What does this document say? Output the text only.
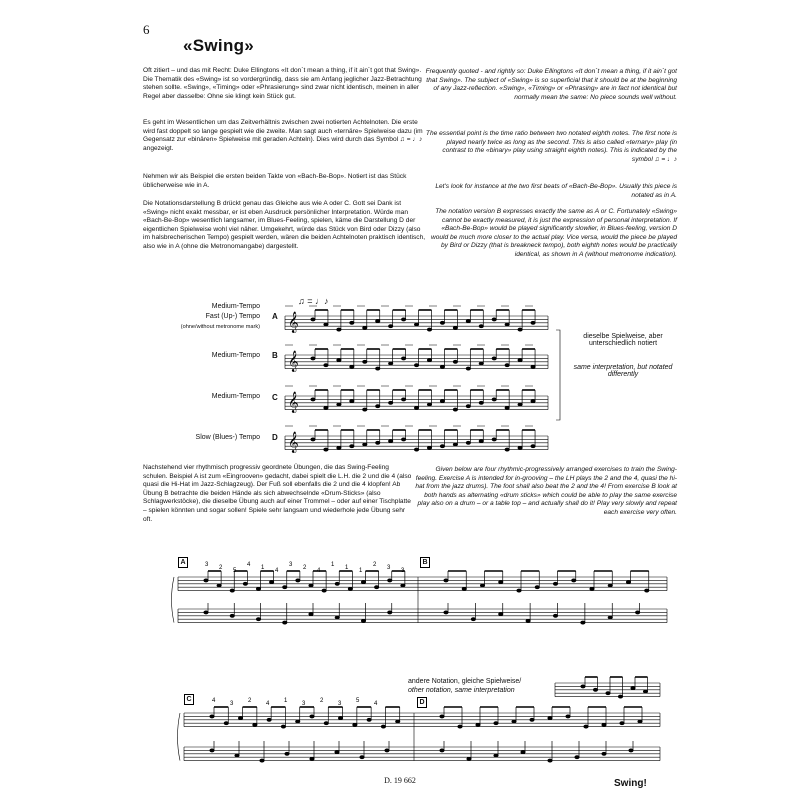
6
«Swing»
Oft zitiert – und das mit Recht: Duke Ellingtons «It don´t mean a thing, if it ain´t got that Swing». Die Thematik des «Swing» ist so vordergründig, dass sie am Anfang jeglicher Jazz-Betrachtung stehen sollte. «Swing», «Timing» oder «Phrasierung» sind zwar nicht identisch, meinen in aller Regel aber dasselbe: Ohne sie klingt kein Stück gut.
Es geht im Wesentlichen um das Zeitverhältnis zwischen zwei notierten Achtelnoten. Die erste wird fast doppelt so lange gespielt wie die zweite. Man sagt auch «ternäre» Spielweise dazu (im Gegensatz zur «binären» Spielweise mit geraden Achteln). Dies wird durch das Symbol ♫ = ♩♪ angezeigt.
Nehmen wir als Beispiel die ersten beiden Takte von «Bach-Be-Bop». Notiert ist das Stück üblicherweise wie in A.
Die Notationsdarstellung B drückt genau das Gleiche aus wie A oder C. Gott sei Dank ist «Swing» nicht exakt messbar, er ist eben Ausdruck persönlicher Interpretation. Würde man «Bach-Be-Bop» wesentlich langsamer, im Blues-Feeling, spielen, käme die Darstellung D der eigentlichen Spielweise wohl viel näher. Umgekehrt, würde das Stück von Bird oder Dizzy (also im halsbrecherischen Tempo) gespielt werden, wären die beiden Achtelnoten praktisch identisch, also wie in A (ohne die Metronomangabe) dargestellt.
Nachstehend vier rhythmisch progressiv geordnete Übungen, die das Swing-Feeling schulen. Beispiel A ist zum «Eingrooven» gedacht, dabei spielt die L.H. die 2 und die 4 (also quasi die Hi-Hat im Jazz-Schlagzeug). Der Fuß soll ebenfalls die 2 und die 4 klopfen! Ab Übung B betrachte die beiden Hände als sich abwechselnde «Drum-Sticks» (also Schlagwerkstöcke), die dieselbe Übung auch auf einer Trommel – oder auf einer Tischplatte – spielen könnten und sogar sollen! Spiele sehr langsam und wiederhole jede Übung sehr oft.
Frequently quoted - and rightly so: Duke Ellingtons «It don´t mean a thing, if it ain´t got that Swing». The subject of «Swing» is so superficial that it should be at the beginning of any Jazz-reflection. «Swing», «Timing» or «Phrasing» are in fact not identical but normally mean the same: No piece sounds well without.
The essential point is the time ratio between two notated eighth notes. The first note is played nearly twice as long as the second. This is also called «ternary» play (in contrast to the «binary» play using straight eighth notes). This is indicated by the symbol ♫ = ♩♪
Let's look for instance at the two first beats of «Bach-Be-Bop». Usually this piece is notated as in A.
The notation version B expresses exactly the same as A or C. Fortunately «Swing» cannot be exactly measured, it is just the expression of personal interpretation. If «Bach-Be-Bop» would be played significantly slowlier, in Blues-feeling, version D would be much more closer to the actual play. Vice versa, would the piece be played by Bird or Dizzy (that is breakneck tempo), both eighth notes would be practically identical, as shown in A (without metronome indication).
Given below are four rhythmic-progressively arranged exercises to train the Swing-feeling. Exercise A is intended for in-grooving – the LH plays the 2 and the 4, quasi the hi-hat from the jazz drums). The foot shall also beat the 2 and the 4! From exercise B look at both hands as alternating «drum sticks» which could be able to play the same exercise play also on a drum – or a table top – and actually shall do it! Play very slowly and repeat each exercise very often.
♫ = ♩♪
Medium-Tempo
Fast (Up-) Tempo
(ohne/without metronome mark)
Medium-Tempo
Medium-Tempo
Slow (Blues-) Tempo
A
B
C
D
dieselbe Spielweise, aber unterschiedlich notiert
same interpretation, but notated differently
A	B
C	D
andere Notation, gleiche Spielweise/
other notation, same interpretation
Swing!
D. 19 662
𝄞
𝄞
𝄞
𝄞
3 2 5
4 1 4
3 2 4
1 1 1
2 3 3
4 3 2 4 1 3 2 3 5 4
